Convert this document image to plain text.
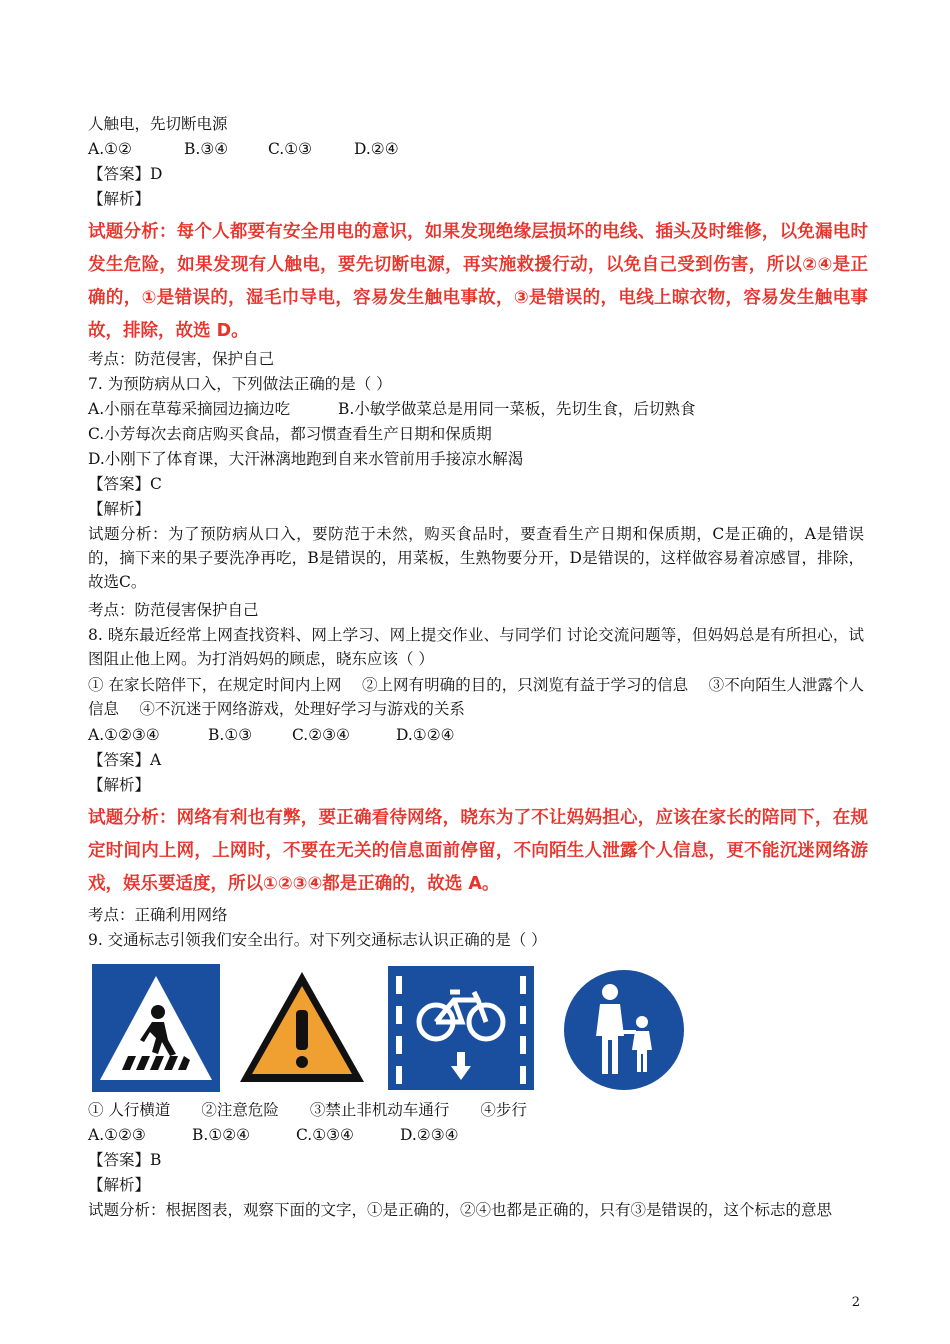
人触电，先切断电源
A.①②	B.③④	C.①③	D.②④
【答案】D
【解析】
试题分析：每个人都要有安全用电的意识，如果发现绝缘层损坏的电线、插头及时维修，以免漏电时发生危险，如果发现有人触电，要先切断电源，再实施救援行动，以免自己受到伤害，所以②④是正确的，①是错误的，湿毛巾导电，容易发生触电事故，③是错误的，电线上晾衣物，容易发生触电事故，排除，故选 D。
考点：防范侵害，保护自己
7. 为预防病从口入，下列做法正确的是（ ）
A.小丽在草莓采摘园边摘边吃	B.小敏学做菜总是用同一菜板，先切生食，后切熟食
C.小芳每次去商店购买食品，都习惯查看生产日期和保质期
D.小刚下了体育课，大汗淋漓地跑到自来水管前用手接凉水解渴
【答案】C
【解析】
试题分析：为了预防病从口入，要防范于未然，购买食品时，要查看生产日期和保质期，C是正确的，A是错误的，摘下来的果子要洗净再吃，B是错误的，用菜板，生熟物要分开，D是错误的，这样做容易着凉感冒，排除，故选C。
考点：防范侵害保护自己
8. 晓东最近经常上网查找资料、网上学习、网上提交作业、与同学们 讨论交流问题等，但妈妈总是有所担心，试图阻止他上网。为打消妈妈的顾虑，晓东应该（ ）
① 在家长陪伴下，在规定时间内上网　 ②上网有明确的目的，只浏览有益于学习的信息　 ③不向陌生人泄露个人信息　 ④不沉迷于网络游戏，处理好学习与游戏的关系
A.①②③④	B.①③	C.②③④	D.①②④
【答案】A
【解析】
试题分析：网络有利也有弊，要正确看待网络，晓东为了不让妈妈担心，应该在家长的陪同下，在规定时间内上网，上网时，不要在无关的信息面前停留，不向陌生人泄露个人信息，更不能沉迷网络游戏，娱乐要适度，所以①②③④都是正确的，故选 A。
考点：正确利用网络
9. 交通标志引领我们安全出行。对下列交通标志认识正确的是（ ）
① 人行横道　　②注意危险　　③禁止非机动车通行　　④步行
A.①②③	B.①②④	C.①③④	D.②③④
【答案】B
【解析】
试题分析：根据图表，观察下面的文字，①是正确的，②④也都是正确的，只有③是错误的，这个标志的意思
2
